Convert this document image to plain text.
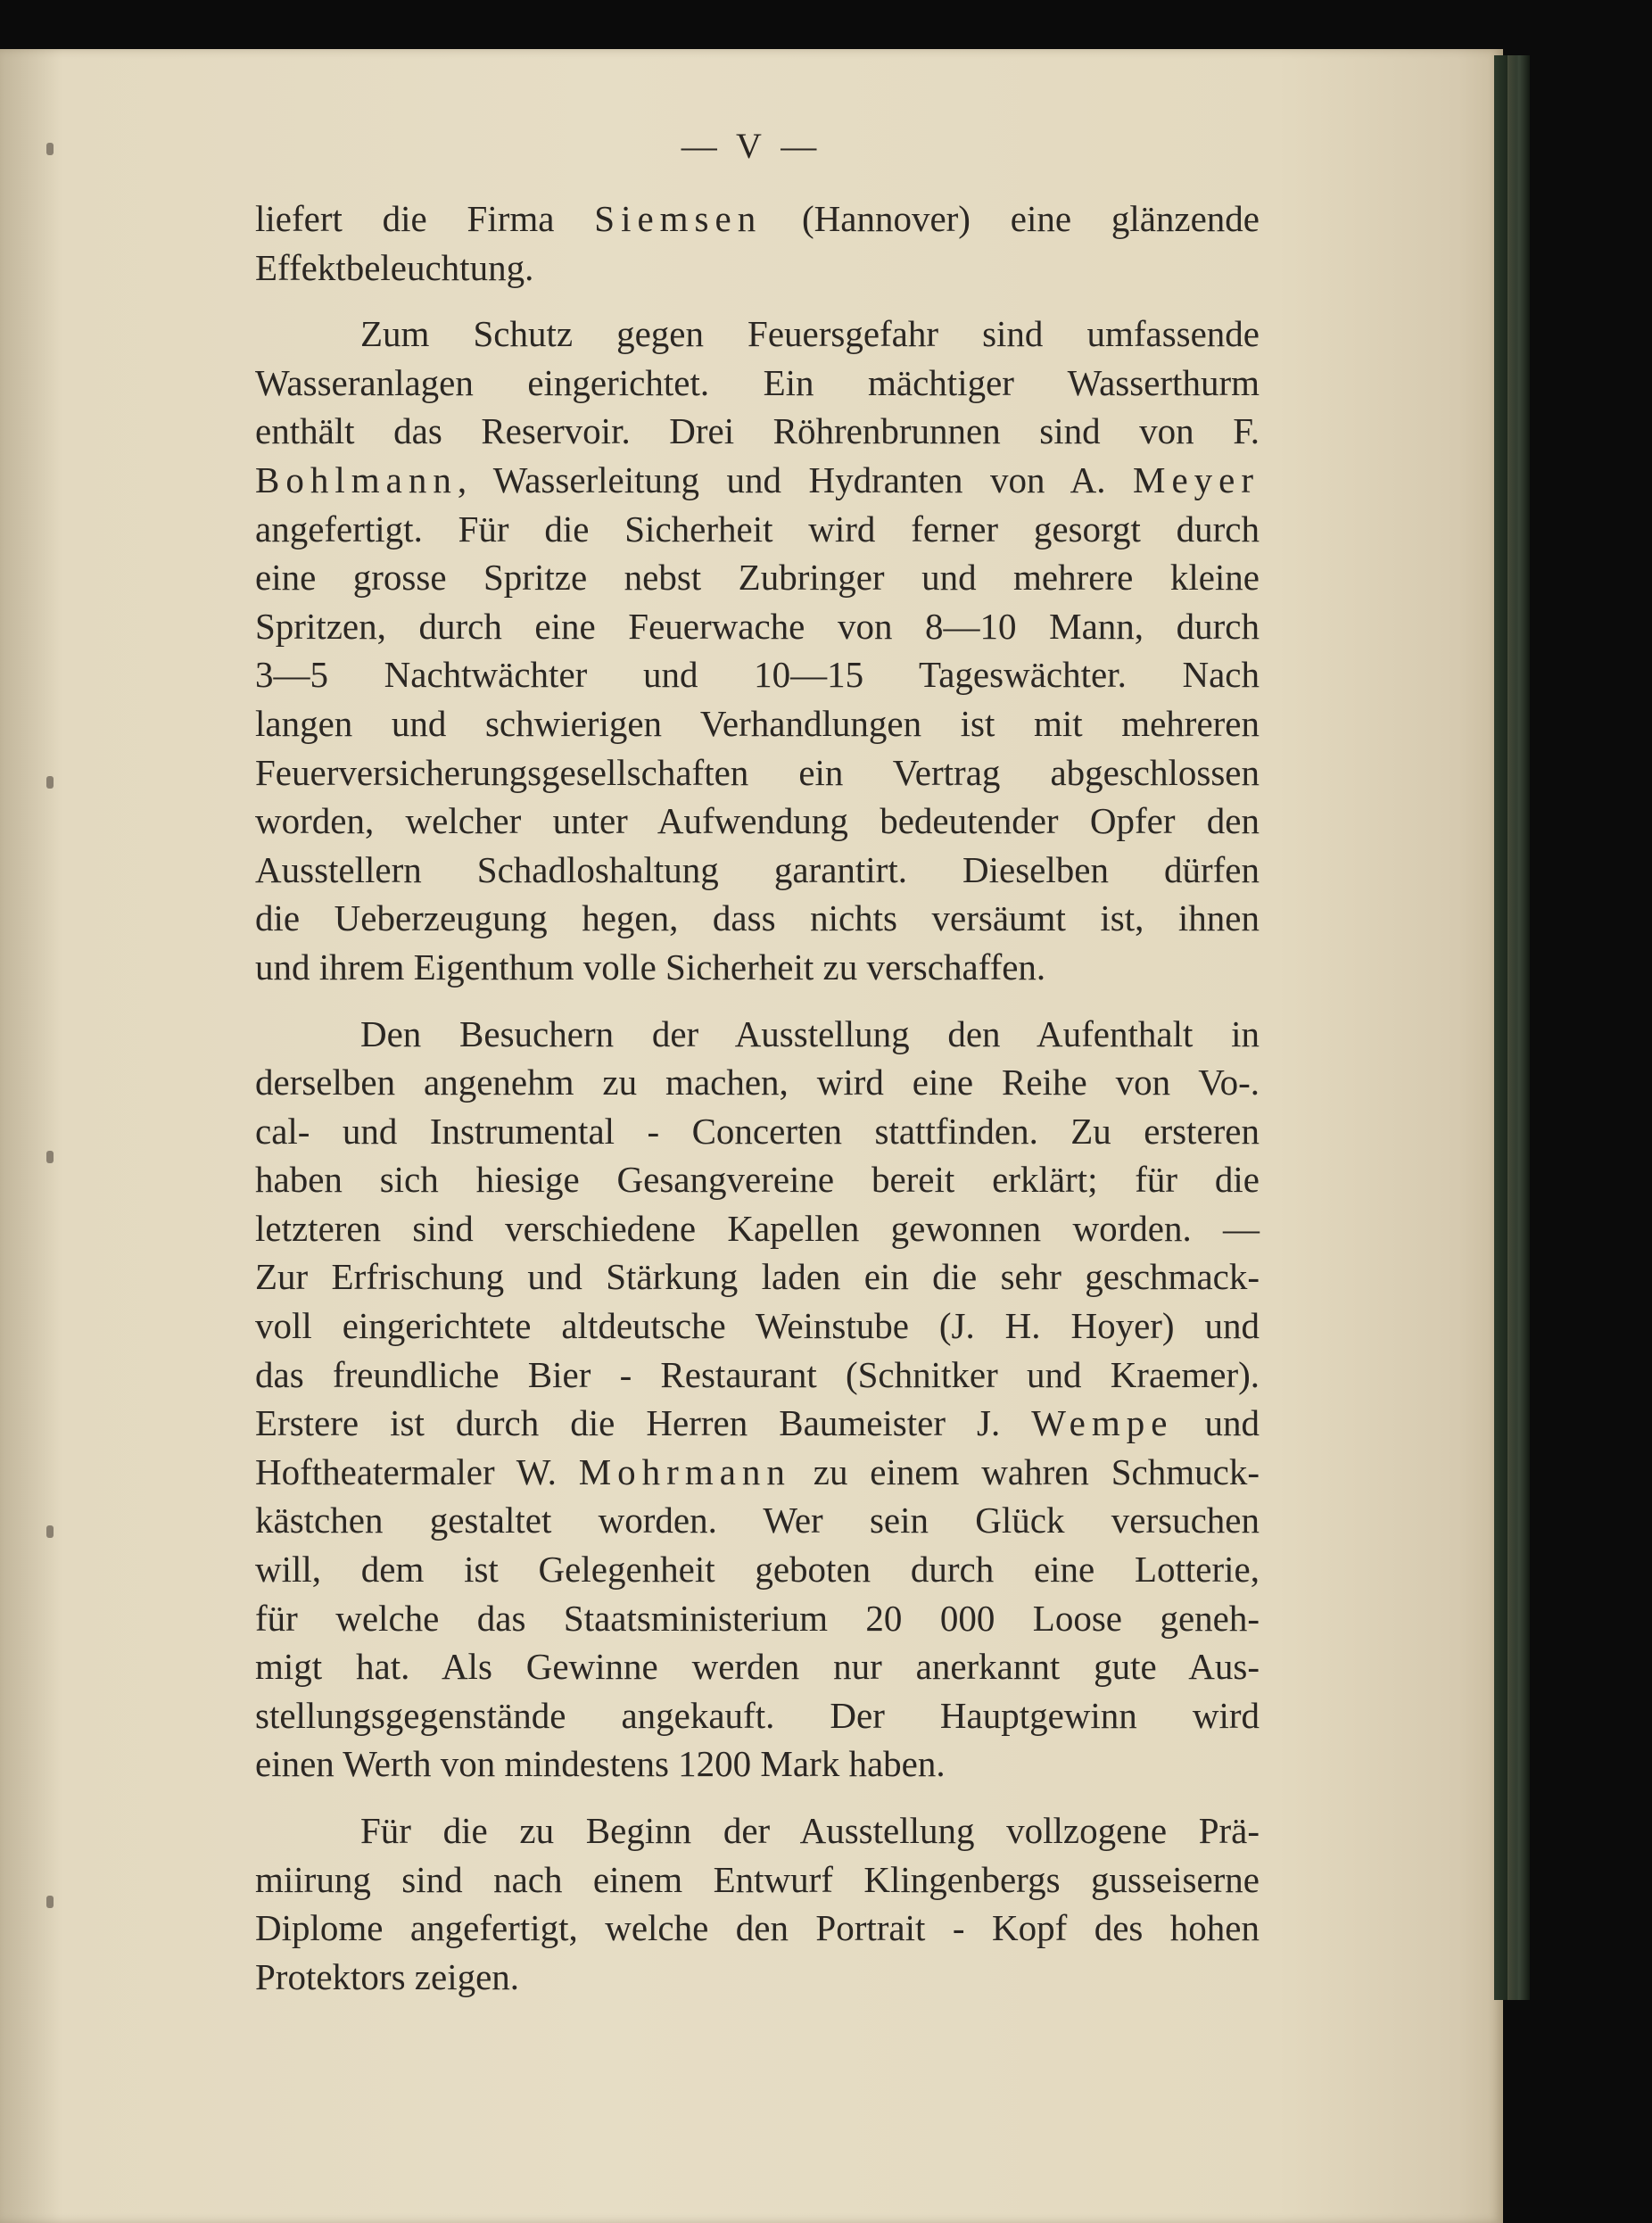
— V —
liefert die Firma Siemsen (Hannover) eine glänzende
Effektbeleuchtung.
Zum Schutz gegen Feuersgefahr sind umfassende
Wasseranlagen eingerichtet. Ein mächtiger Wasserthurm
enthält das Reservoir. Drei Röhrenbrunnen sind von F.
Bohlmann, Wasserleitung und Hydranten von A. Meyer
angefertigt. Für die Sicherheit wird ferner gesorgt durch
eine grosse Spritze nebst Zubringer und mehrere kleine
Spritzen, durch eine Feuerwache von 8—10 Mann, durch
3—5 Nachtwächter und 10—15 Tageswächter. Nach
langen und schwierigen Verhandlungen ist mit mehreren
Feuerversicherungsgesellschaften ein Vertrag abgeschlossen
worden, welcher unter Aufwendung bedeutender Opfer den
Ausstellern Schadloshaltung garantirt. Dieselben dürfen
die Ueberzeugung hegen, dass nichts versäumt ist, ihnen
und ihrem Eigenthum volle Sicherheit zu verschaffen.
Den Besuchern der Ausstellung den Aufenthalt in
derselben angenehm zu machen, wird eine Reihe von Vo-.
cal- und Instrumental - Concerten stattfinden. Zu ersteren
haben sich hiesige Gesangvereine bereit erklärt; für die
letzteren sind verschiedene Kapellen gewonnen worden. —
Zur Erfrischung und Stärkung laden ein die sehr geschmack-
voll eingerichtete altdeutsche Weinstube (J. H. Hoyer) und
das freundliche Bier - Restaurant (Schnitker und Kraemer).
Erstere ist durch die Herren Baumeister J. Wempe und
Hoftheatermaler W. Mohrmann zu einem wahren Schmuck-
kästchen gestaltet worden. Wer sein Glück versuchen
will, dem ist Gelegenheit geboten durch eine Lotterie,
für welche das Staatsministerium 20 000 Loose geneh-
migt hat. Als Gewinne werden nur anerkannt gute Aus-
stellungsgegenstände angekauft. Der Hauptgewinn wird
einen Werth von mindestens 1200 Mark haben.
Für die zu Beginn der Ausstellung vollzogene Prä-
miirung sind nach einem Entwurf Klingenbergs gusseiserne
Diplome angefertigt, welche den Portrait - Kopf des hohen
Protektors zeigen.
